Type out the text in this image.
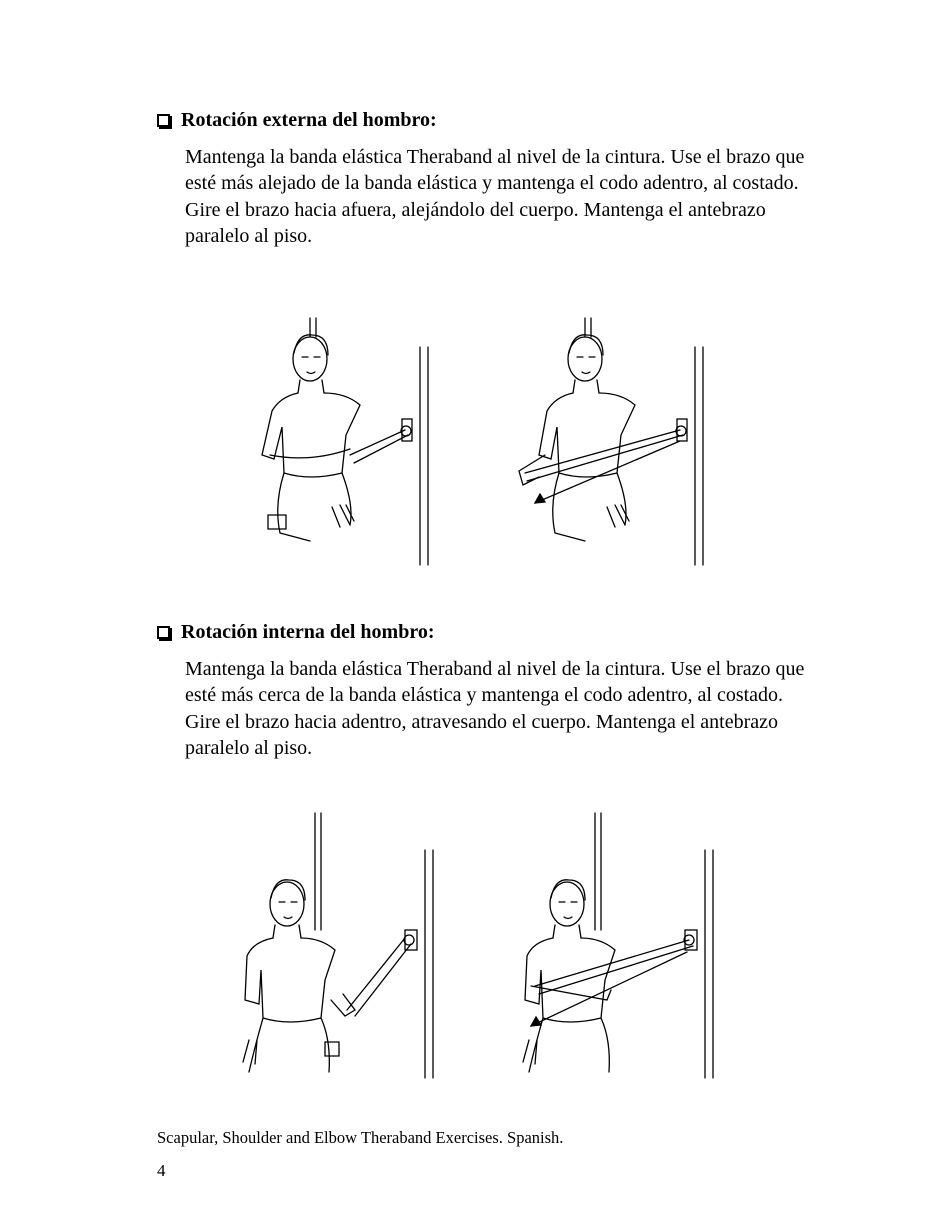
Rotación externa del hombro:

Mantenga la banda elástica Theraband al nivel de la cintura. Use el brazo que esté más alejado de la banda elástica y mantenga el codo adentro, al costado. Gire el brazo hacia afuera, alejándolo del cuerpo. Mantenga el antebrazo paralelo al piso.

Rotación interna del hombro:

Mantenga la banda elástica Theraband al nivel de la cintura. Use el brazo que esté más cerca de la banda elástica y mantenga el codo adentro, al costado. Gire el brazo hacia adentro, atravesando el cuerpo. Mantenga el antebrazo paralelo al piso.

Scapular, Shoulder and Elbow Theraband Exercises. Spanish.
4
